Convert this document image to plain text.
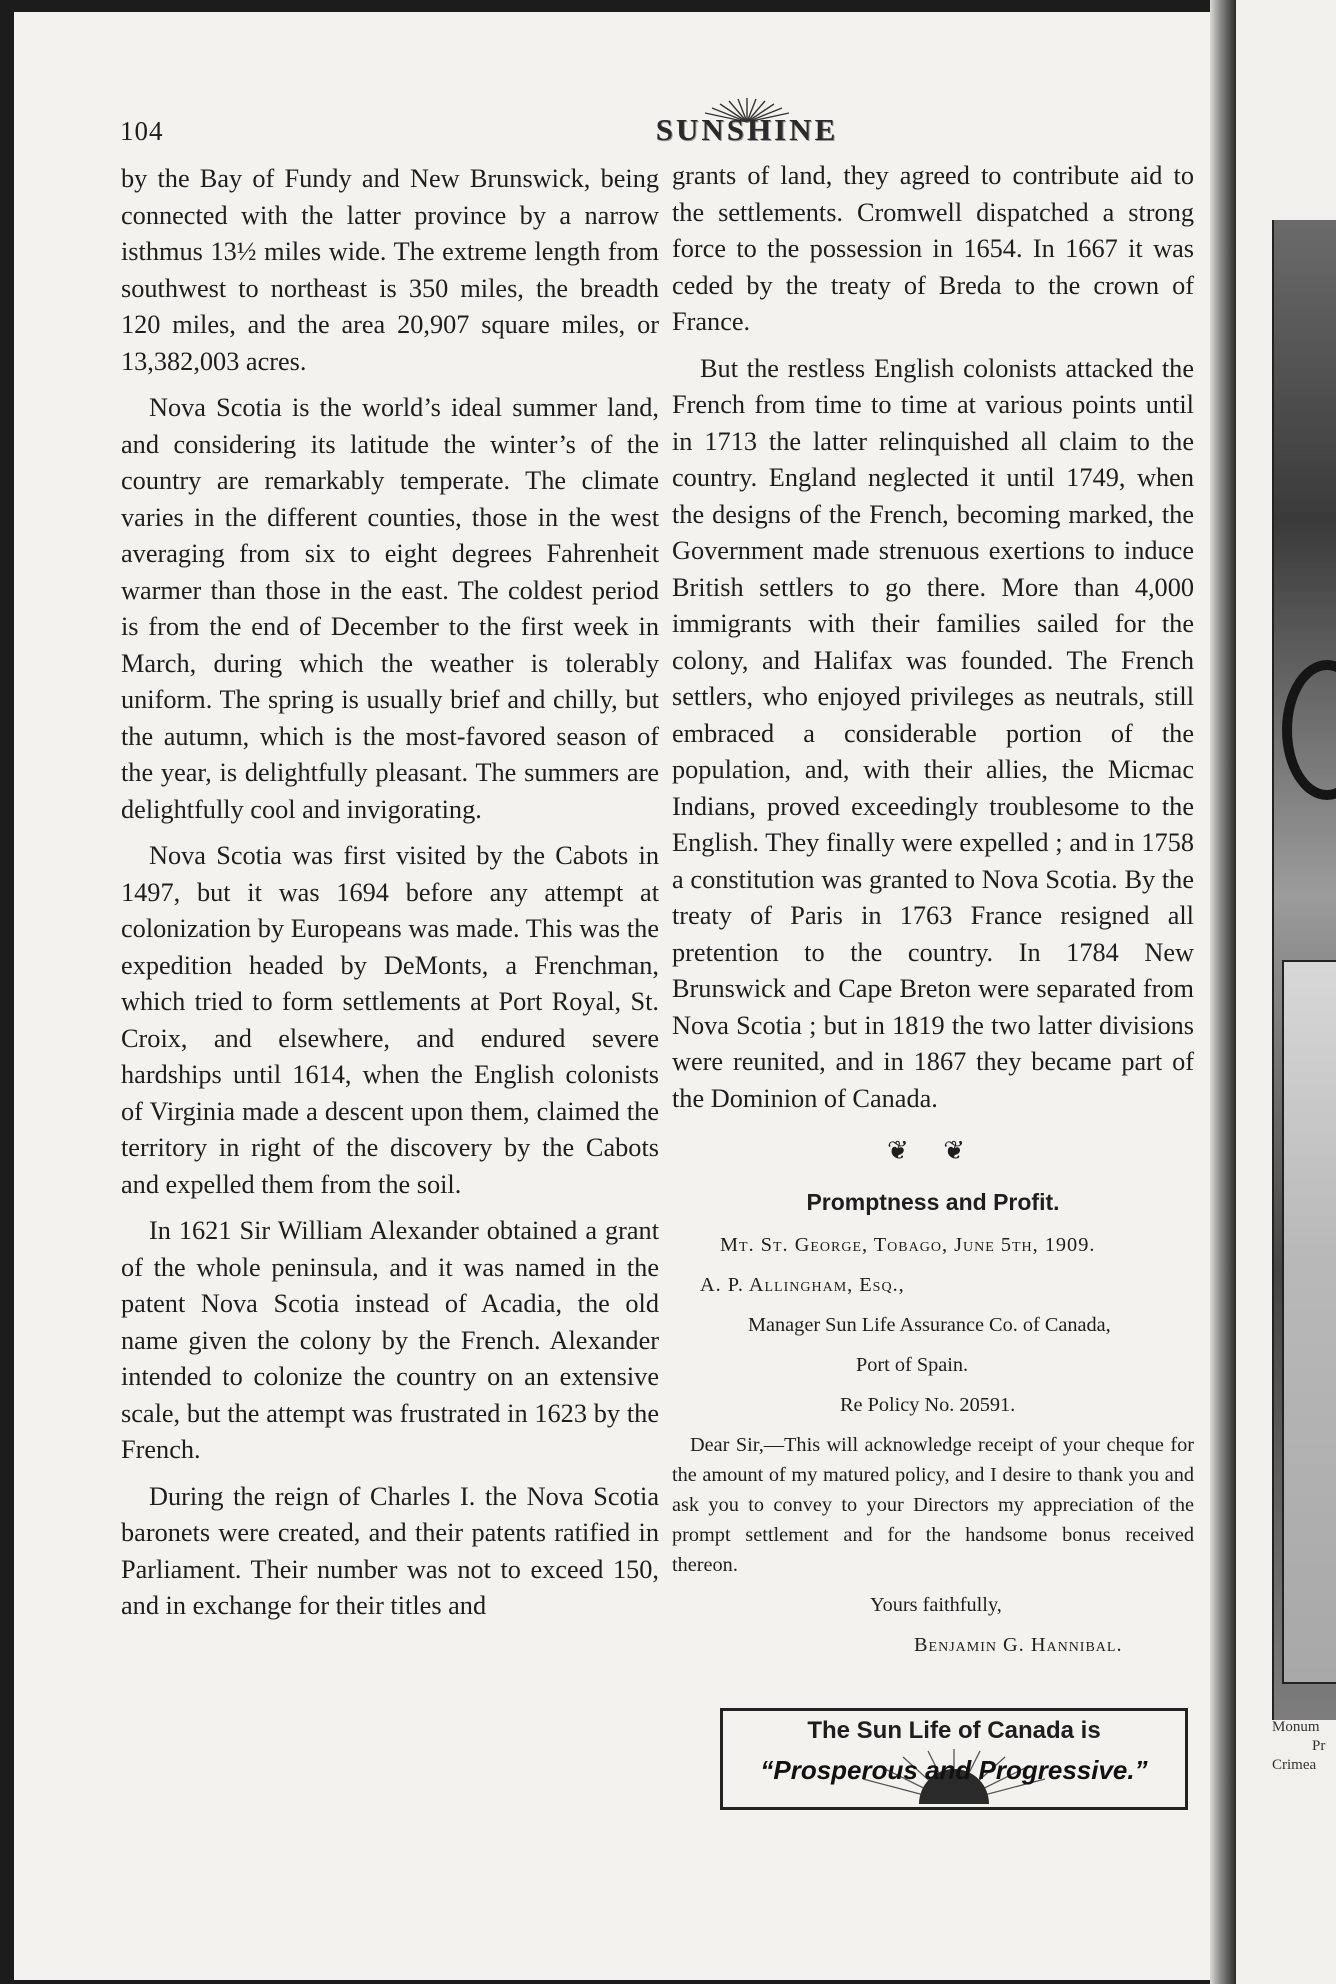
Monum
Pr
Crimea
104	SUNSHINE

by the Bay of Fundy and New Brunswick, being connected with the latter province by a narrow isthmus 13½ miles wide. The extreme length from southwest to northeast is 350 miles, the breadth 120 miles, and the area 20,907 square miles, or 13,382,003 acres.

Nova Scotia is the world’s ideal summer land, and considering its latitude the winter’s of the country are remarkably temperate. The climate varies in the different counties, those in the west averaging from six to eight degrees Fahrenheit warmer than those in the east. The coldest period is from the end of December to the first week in March, during which the weather is tolerably uniform. The spring is usually brief and chilly, but the autumn, which is the most-favored season of the year, is delightfully pleasant. The summers are delightfully cool and invigorating.

Nova Scotia was first visited by the Cabots in 1497, but it was 1694 before any attempt at colonization by Europeans was made. This was the expedition headed by DeMonts, a Frenchman, which tried to form settlements at Port Royal, St. Croix, and elsewhere, and endured severe hardships until 1614, when the English colonists of Virginia made a descent upon them, claimed the territory in right of the discovery by the Cabots and expelled them from the soil.

In 1621 Sir William Alexander obtained a grant of the whole peninsula, and it was named in the patent Nova Scotia instead of Acadia, the old name given the colony by the French. Alexander intended to colonize the country on an extensive scale, but the attempt was frustrated in 1623 by the French.

During the reign of Charles I. the Nova Scotia baronets were created, and their patents ratified in Parliament. Their number was not to exceed 150, and in exchange for their titles and

grants of land, they agreed to contribute aid to the settlements. Cromwell dispatched a strong force to the possession in 1654. In 1667 it was ceded by the treaty of Breda to the crown of France.

But the restless English colonists attacked the French from time to time at various points until in 1713 the latter relinquished all claim to the country. England neglected it until 1749, when the designs of the French, becoming marked, the Government made strenuous exertions to induce British settlers to go there. More than 4,000 immigrants with their families sailed for the colony, and Halifax was founded. The French settlers, who enjoyed privileges as neutrals, still embraced a considerable portion of the population, and, with their allies, the Micmac Indians, proved exceedingly troublesome to the English. They finally were expelled ; and in 1758 a constitution was granted to Nova Scotia. By the treaty of Paris in 1763 France resigned all pretention to the country. In 1784 New Brunswick and Cape Breton were separated from Nova Scotia ; but in 1819 the two latter divisions were reunited, and in 1867 they became part of the Dominion of Canada.

❦ ❦
Promptness and Profit.

Mt. St. George, Tobago, June 5th, 1909.

A. P. Allingham, Esq.,

Manager Sun Life Assurance Co. of Canada,

Port of Spain.

Re Policy No. 20591.

Dear Sir,—This will acknowledge receipt of your cheque for the amount of my matured policy, and I desire to thank you and ask you to convey to your Directors my appreciation of the prompt settlement and for the handsome bonus received thereon.

Yours faithfully,

Benjamin G. Hannibal.

The Sun Life of Canada is
“Prosperous and Progressive.”
